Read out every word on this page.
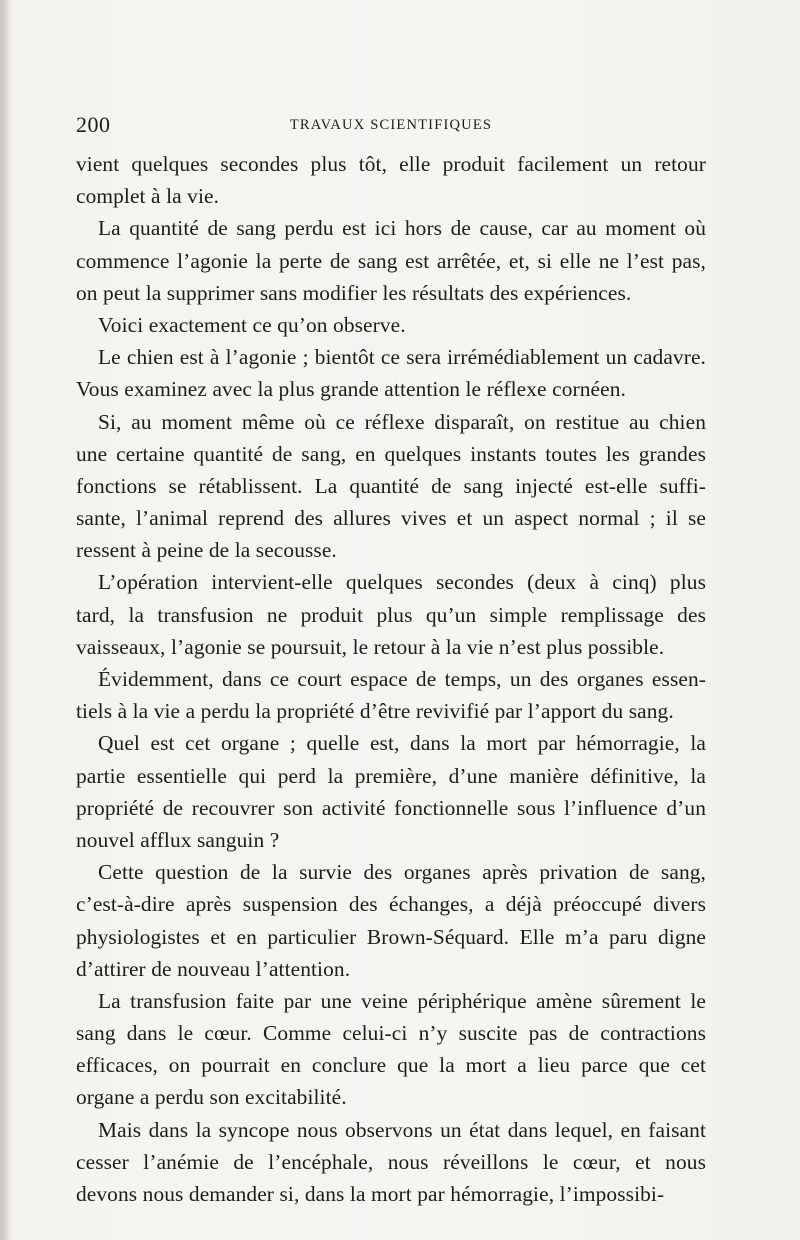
200	TRAVAUX SCIENTIFIQUES
vient quelques secondes plus tôt, elle produit facilement un retour
complet à la vie.
La quantité de sang perdu est ici hors de cause, car au moment où
commence l’agonie la perte de sang est arrêtée, et, si elle ne l’est pas,
on peut la supprimer sans modifier les résultats des expériences.
Voici exactement ce qu’on observe.
Le chien est à l’agonie ; bientôt ce sera irrémédiablement un cadavre.
Vous examinez avec la plus grande attention le réflexe cornéen.
Si, au moment même où ce réflexe disparaît, on restitue au chien
une certaine quantité de sang, en quelques instants toutes les grandes
fonctions se rétablissent. La quantité de sang injecté est-elle suffi-
sante, l’animal reprend des allures vives et un aspect normal ; il se
ressent à peine de la secousse.
L’opération intervient-elle quelques secondes (deux à cinq) plus
tard, la transfusion ne produit plus qu’un simple remplissage des
vaisseaux, l’agonie se poursuit, le retour à la vie n’est plus possible.
Évidemment, dans ce court espace de temps, un des organes essen-
tiels à la vie a perdu la propriété d’être revivifié par l’apport du sang.
Quel est cet organe ; quelle est, dans la mort par hémorragie, la
partie essentielle qui perd la première, d’une manière définitive, la
propriété de recouvrer son activité fonctionnelle sous l’influence d’un
nouvel afflux sanguin ?
Cette question de la survie des organes après privation de sang,
c’est-à-dire après suspension des échanges, a déjà préoccupé divers
physiologistes et en particulier Brown-Séquard. Elle m’a paru digne
d’attirer de nouveau l’attention.
La transfusion faite par une veine périphérique amène sûrement le
sang dans le cœur. Comme celui-ci n’y suscite pas de contractions
efficaces, on pourrait en conclure que la mort a lieu parce que cet
organe a perdu son excitabilité.
Mais dans la syncope nous observons un état dans lequel, en faisant
cesser l’anémie de l’encéphale, nous réveillons le cœur, et nous
devons nous demander si, dans la mort par hémorragie, l’impossibi-
